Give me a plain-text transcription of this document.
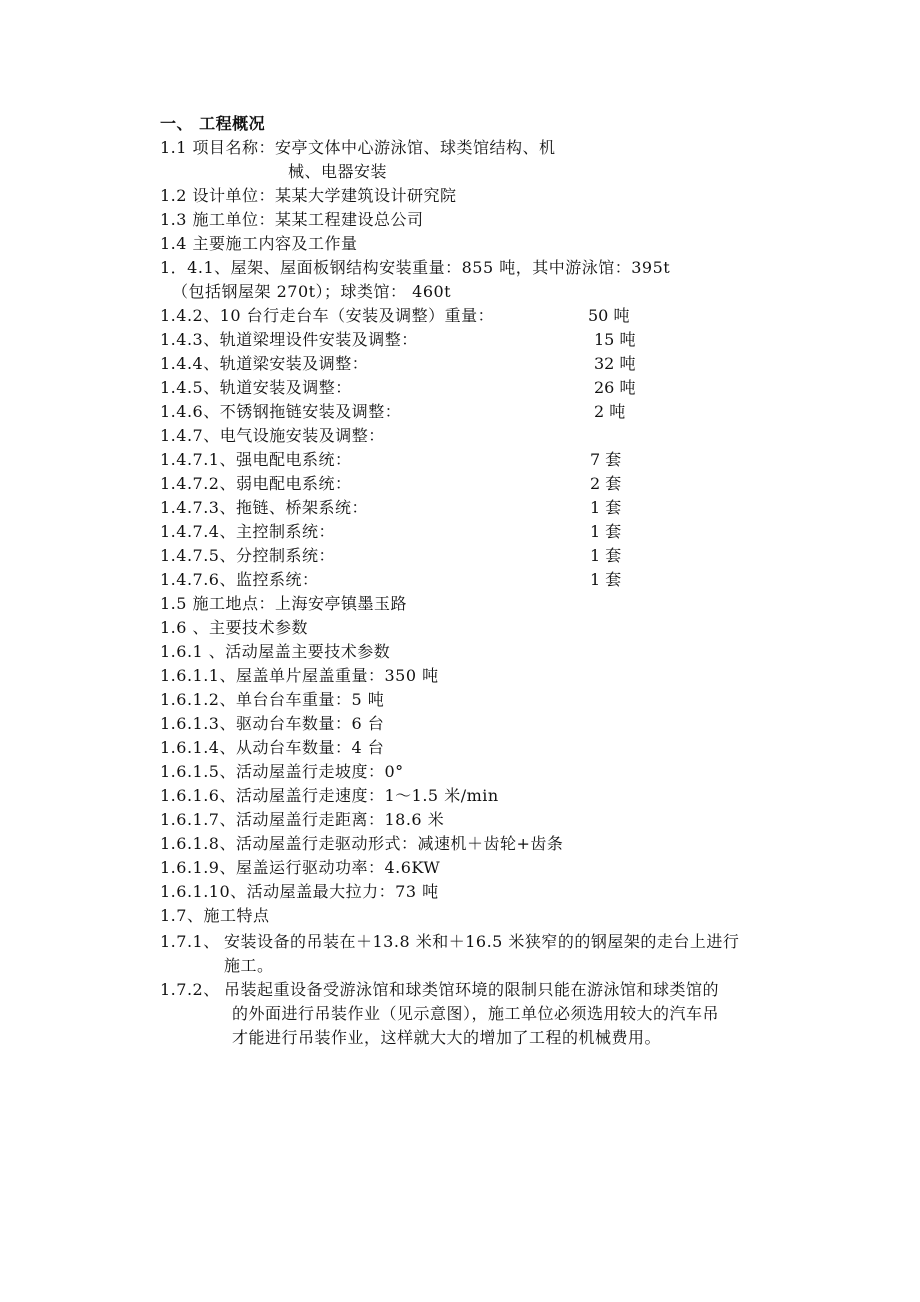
一、 工程概况
1.1 项目名称：安亭文体中心游泳馆、球类馆结构、机
械、电器安装
1.2 设计单位：某某大学建筑设计研究院
1.3 施工单位：某某工程建设总公司
1.4 主要施工内容及工作量
1．4.1、屋架、屋面板钢结构安装重量：855 吨，其中游泳馆：395t
（包括钢屋架 270t）；球类馆： 460t
1.4.2、10 台行走台车（安装及调整）重量：	50 吨
1.4.3、轨道梁埋设件安装及调整：	15 吨
1.4.4、轨道梁安装及调整：	32 吨
1.4.5、轨道安装及调整：	26 吨
1.4.6、不锈钢拖链安装及调整：	2 吨
1.4.7、电气设施安装及调整：
1.4.7.1、强电配电系统：	7 套
1.4.7.2、弱电配电系统：	2 套
1.4.7.3、拖链、桥架系统：	1 套
1.4.7.4、主控制系统：	1 套
1.4.7.5、分控制系统：	1 套
1.4.7.6、监控系统：	1 套
1.5 施工地点：上海安亭镇墨玉路
1.6 、主要技术参数
1.6.1 、活动屋盖主要技术参数
1.6.1.1、屋盖单片屋盖重量：350 吨
1.6.1.2、单台台车重量：5 吨
1.6.1.3、驱动台车数量：6 台
1.6.1.4、从动台车数量：4 台
1.6.1.5、活动屋盖行走坡度：0°
1.6.1.6、活动屋盖行走速度：1～1.5 米/min
1.6.1.7、活动屋盖行走距离：18.6 米
1.6.1.8、活动屋盖行走驱动形式：减速机＋齿轮+齿条
1.6.1.9、屋盖运行驱动功率：4.6KW
1.6.1.10、活动屋盖最大拉力：73 吨
1.7、施工特点
1.7.1、 安装设备的吊装在＋13.8 米和＋16.5 米狭窄的的钢屋架的走台上进行
施工。
1.7.2、 吊装起重设备受游泳馆和球类馆环境的限制只能在游泳馆和球类馆的
的外面进行吊装作业（见示意图），施工单位必须选用较大的汽车吊
才能进行吊装作业，这样就大大的增加了工程的机械费用。
